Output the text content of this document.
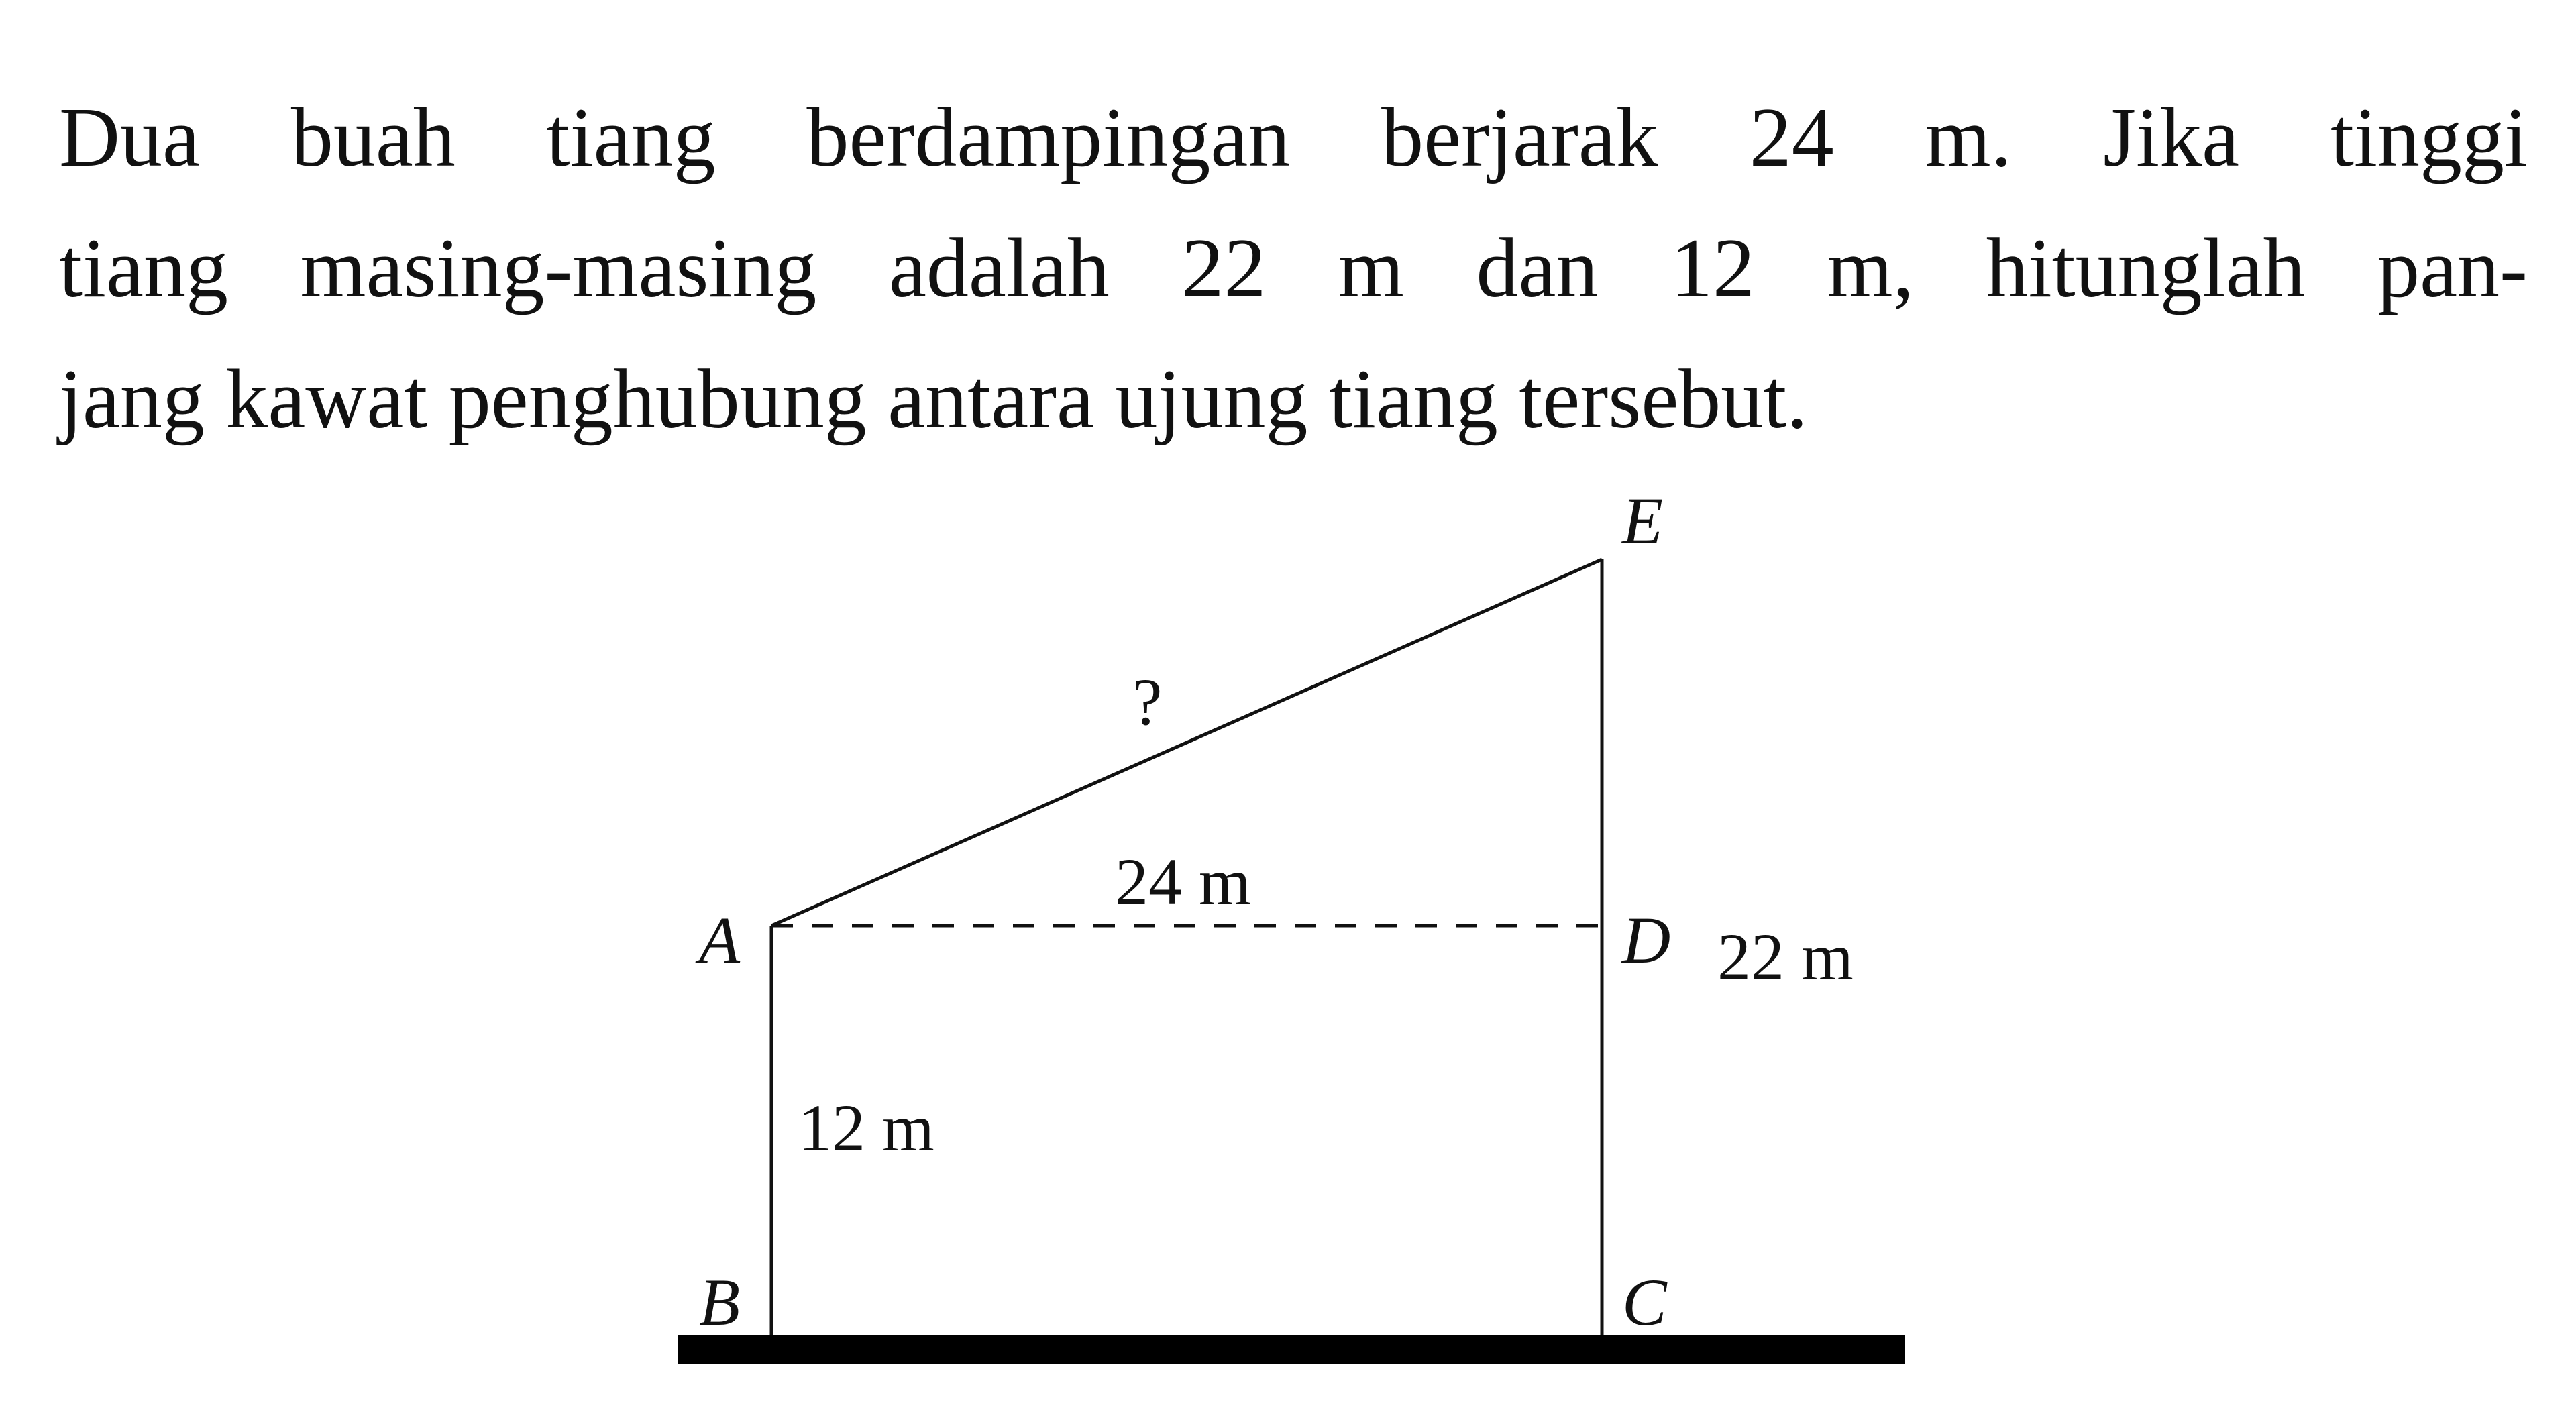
Dua buah tiang berdampingan berjarak 24 m. Jika tinggi
tiang masing-masing adalah 22 m dan 12 m, hitunglah pan-
jang kawat penghubung antara ujung tiang tersebut.
E
A	D
B	C
?
24 m
22 m
12 m
